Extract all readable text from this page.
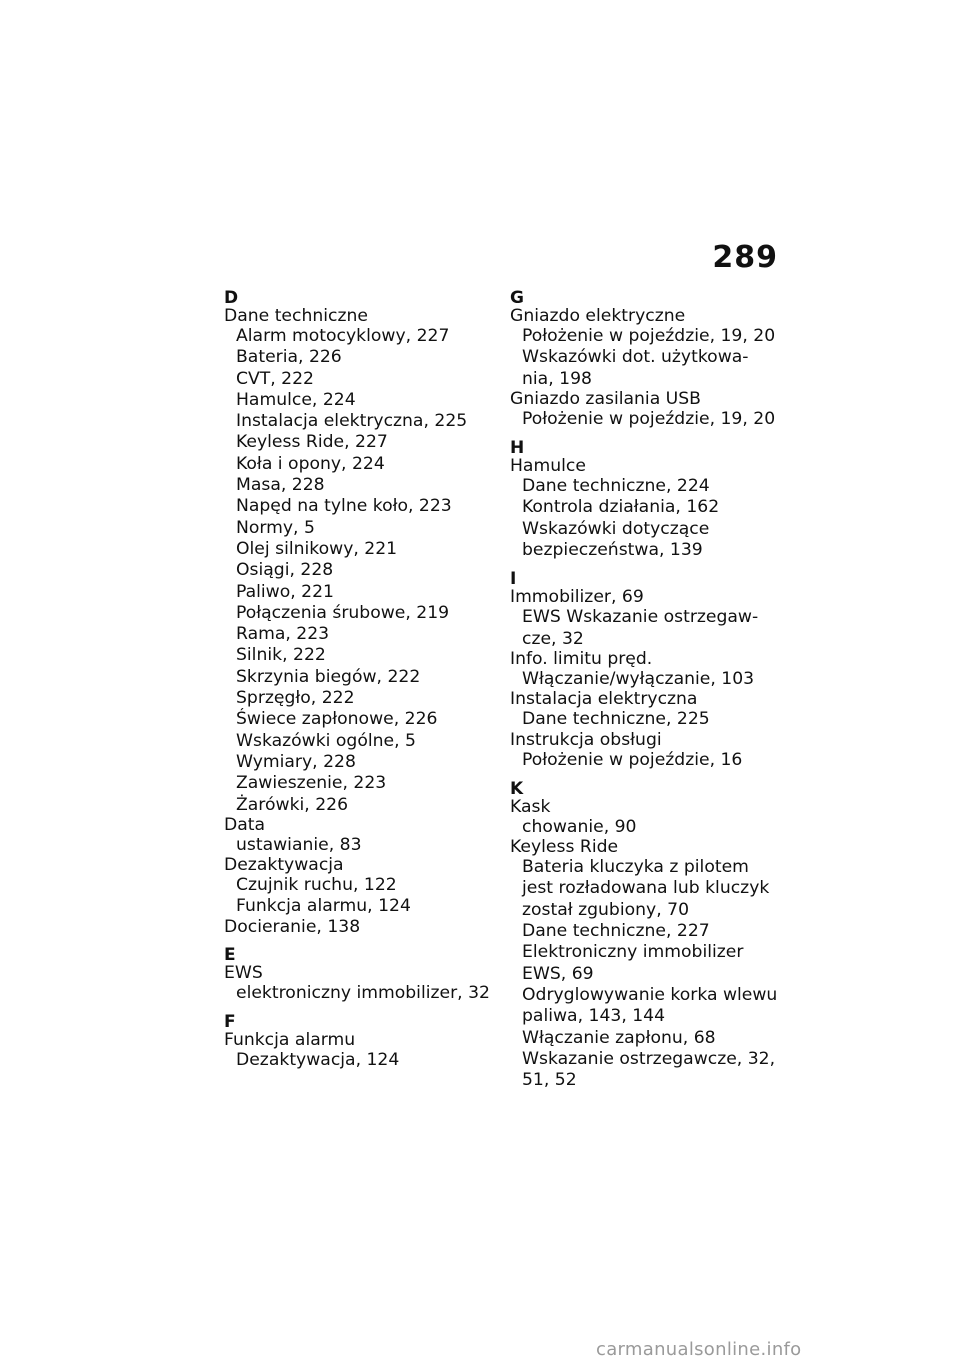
289
D
Dane techniczne
Alarm motocyklowy, 227
Bateria, 226
CVT, 222
Hamulce, 224
Instalacja elektryczna, 225
Keyless Ride, 227
Koła i opony, 224
Masa, 228
Napęd na tylne koło, 223
Normy, 5
Olej silnikowy, 221
Osiągi, 228
Paliwo, 221
Połączenia śrubowe, 219
Rama, 223
Silnik, 222
Skrzynia biegów, 222
Sprzęgło, 222
Świece zapłonowe, 226
Wskazówki ogólne, 5
Wymiary, 228
Zawieszenie, 223
Żarówki, 226
Data
ustawianie, 83
Dezaktywacja
Czujnik ruchu, 122
Funkcja alarmu, 124
Docieranie, 138
E
EWS
elektroniczny immobilizer, 32
F
Funkcja alarmu
Dezaktywacja, 124
G
Gniazdo elektryczne
Położenie w pojeździe, 19, 20
Wskazówki dot. użytkowa-
nia, 198
Gniazdo zasilania USB
Położenie w pojeździe, 19, 20
H
Hamulce
Dane techniczne, 224
Kontrola działania, 162
Wskazówki dotyczące
bezpieczeństwa, 139
I
Immobilizer, 69
EWS Wskazanie ostrzegaw-
cze, 32
Info. limitu pręd.
Włączanie/wyłączanie, 103
Instalacja elektryczna
Dane techniczne, 225
Instrukcja obsługi
Położenie w pojeździe, 16
K
Kask
chowanie, 90
Keyless Ride
Bateria kluczyka z pilotem
jest rozładowana lub kluczyk
został zgubiony, 70
Dane techniczne, 227
Elektroniczny immobilizer
EWS, 69
Odryglowywanie korka wlewu
paliwa, 143, 144
Włączanie zapłonu, 68
Wskazanie ostrzegawcze, 32,
51, 52
carmanualsonline.info
